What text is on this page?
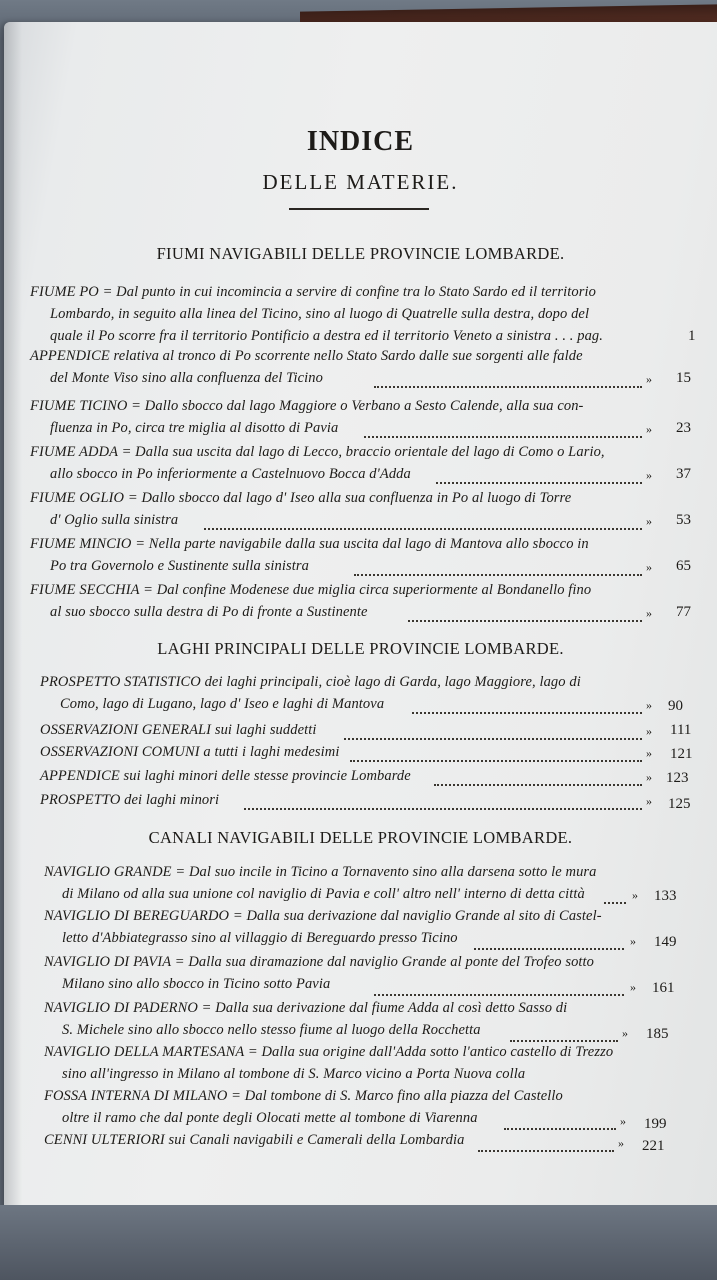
INDICE
DELLE MATERIE.
FIUMI NAVIGABILI DELLE PROVINCIE LOMBARDE.
FIUME PO = Dal punto in cui incomincia a servire di confine tra lo Stato Sardo ed il territorio
Lombardo, in seguito alla linea del Ticino, sino al luogo di Quatrelle sulla destra, dopo del
quale il Po scorre fra il territorio Pontificio a destra ed il territorio Veneto a sinistra . . . pag.	1
APPENDICE relativa al tronco di Po scorrente nello Stato Sardo dalle sue sorgenti alle falde
del Monte Viso sino alla confluenza del Ticino	» 15
FIUME TICINO = Dallo sbocco dal lago Maggiore o Verbano a Sesto Calende, alla sua con-
fluenza in Po, circa tre miglia al disotto di Pavia	» 23
FIUME ADDA = Dalla sua uscita dal lago di Lecco, braccio orientale del lago di Como o Lario,
allo sbocco in Po inferiormente a Castelnuovo Bocca d'Adda	» 37
FIUME OGLIO = Dallo sbocco dal lago d' Iseo alla sua confluenza in Po al luogo di Torre
d' Oglio sulla sinistra	» 53
FIUME MINCIO = Nella parte navigabile dalla sua uscita dal lago di Mantova allo sbocco in
Po tra Governolo e Sustinente sulla sinistra	» 65
FIUME SECCHIA = Dal confine Modenese due miglia circa superiormente al Bondanello fino
al suo sbocco sulla destra di Po di fronte a Sustinente	» 77
LAGHI PRINCIPALI DELLE PROVINCIE LOMBARDE.
PROSPETTO STATISTICO dei laghi principali, cioè lago di Garda, lago Maggiore, lago di
Como, lago di Lugano, lago d' Iseo e laghi di Mantova	» 90
OSSERVAZIONI GENERALI sui laghi suddetti	» 111
OSSERVAZIONI COMUNI a tutti i laghi medesimi	» 121
APPENDICE sui laghi minori delle stesse provincie Lombarde	» 123
PROSPETTO dei laghi minori	» 125
CANALI NAVIGABILI DELLE PROVINCIE LOMBARDE.
NAVIGLIO GRANDE = Dal suo incile in Ticino a Tornavento sino alla darsena sotto le mura
di Milano od alla sua unione col naviglio di Pavia e coll' altro nell' interno di detta città	» 133
NAVIGLIO DI BEREGUARDO = Dalla sua derivazione dal naviglio Grande al sito di Castel-
letto d'Abbiategrasso sino al villaggio di Bereguardo presso Ticino	» 149
NAVIGLIO DI PAVIA = Dalla sua diramazione dal naviglio Grande al ponte del Trofeo sotto
Milano sino allo sbocco in Ticino sotto Pavia	» 161
NAVIGLIO DI PADERNO = Dalla sua derivazione dal fiume Adda al così detto Sasso di
S. Michele sino allo sbocco nello stesso fiume al luogo della Rocchetta	» 185
NAVIGLIO DELLA MARTESANA = Dalla sua origine dall'Adda sotto l'antico castello di Trezzo
sino all'ingresso in Milano al tombone di S. Marco vicino a Porta Nuova colla
FOSSA INTERNA DI MILANO = Dal tombone di S. Marco fino alla piazza del Castello
oltre il ramo che dal ponte degli Olocati mette al tombone di Viarenna	» 199
CENNI ULTERIORI sui Canali navigabili e Camerali della Lombardia	» 221
